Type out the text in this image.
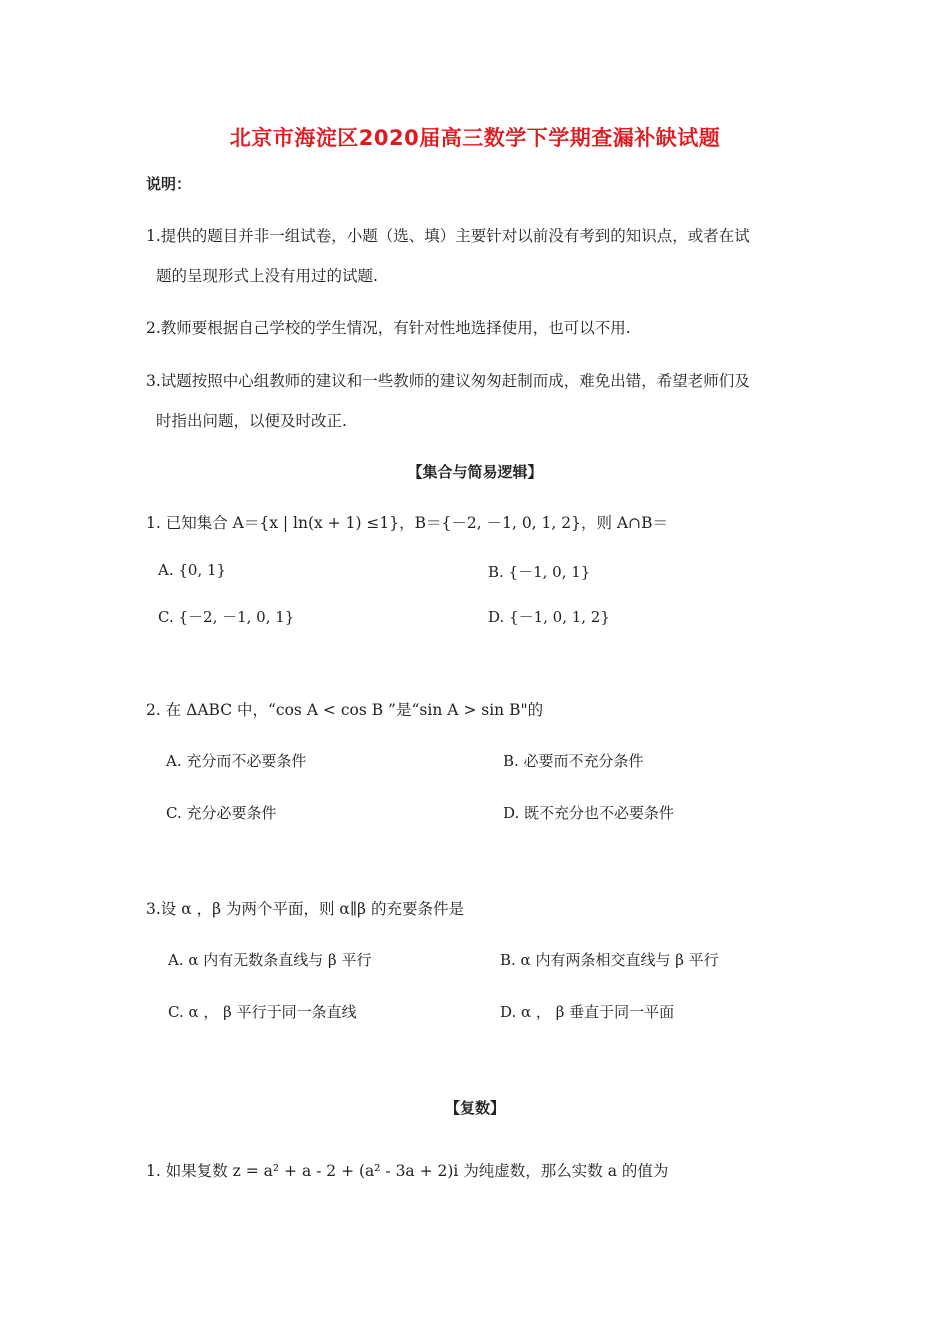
北京市海淀区2020届高三数学下学期查漏补缺试题
说明：
1.提供的题目并非一组试卷，小题（选、填）主要针对以前没有考到的知识点，或者在试
题的呈现形式上没有用过的试题.
2.教师要根据自己学校的学生情况，有针对性地选择使用，也可以不用.
3.试题按照中心组教师的建议和一些教师的建议匆匆赶制而成，难免出错，希望老师们及
时指出问题，以便及时改正.
【集合与简易逻辑】
1. 已知集合 A＝{x | ln(x + 1) ≤1}，B＝{－2, －1, 0, 1, 2}，则 A∩B＝
A. {0, 1}	B. {－1, 0, 1}
C. {－2, －1, 0, 1}	D. {－1, 0, 1, 2}
2. 在 ΔABC 中，“cos A < cos B ”是“sin A > sin B"的
A. 充分而不必要条件	B. 必要而不充分条件
C. 充分必要条件	D. 既不充分也不必要条件
3.设 α ，β 为两个平面，则 α∥β 的充要条件是
A. α 内有无数条直线与 β 平行	B. α 内有两条相交直线与 β 平行
C. α ， β 平行于同一条直线	D. α ， β 垂直于同一平面
【复数】
1. 如果复数 z = a² + a - 2 + (a² - 3a + 2)i 为纯虚数，那么实数 a 的值为
